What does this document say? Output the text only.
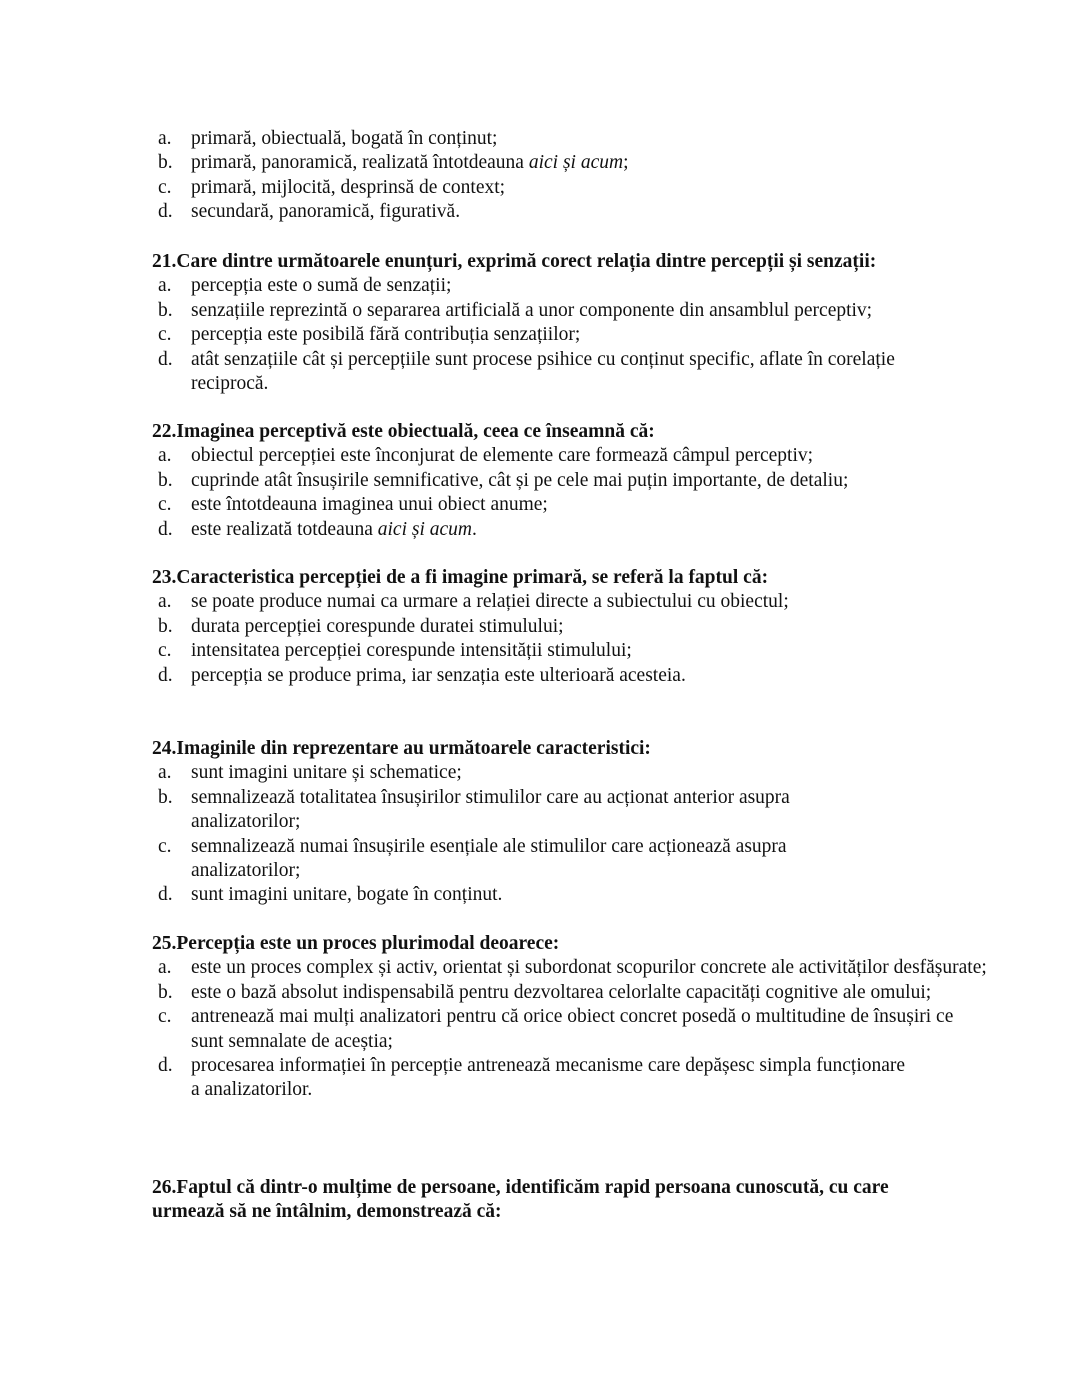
a. primară, obiectuală, bogată în conținut;
b. primară, panoramică, realizată întotdeauna aici și acum;
c. primară, mijlocită, desprinsă de context;
d. secundară, panoramică, figurativă.

21.Care dintre următoarele enunțuri, exprimă corect relația dintre percepții și senzații:

a. percepția este o sumă de senzații;
b. senzațiile reprezintă o separarea artificială a unor componente din ansamblul perceptiv;
c. percepția este posibilă fără contribuția senzațiilor;
d. atât senzațiile cât și percepțiile sunt procese psihice cu conținut specific, aflate în corelație reciprocă.

22.Imaginea perceptivă este obiectuală, ceea ce înseamnă că:

a. obiectul percepției este înconjurat de elemente care formează câmpul perceptiv;
b. cuprinde atât însușirile semnificative, cât și pe cele mai puțin importante, de detaliu;
c. este întotdeauna imaginea unui obiect anume;
d. este realizată totdeauna aici și acum.

23.Caracteristica percepției de a fi imagine primară, se referă la faptul că:

a. se poate produce numai ca urmare a relației directe a subiectului cu obiectul;
b. durata percepției corespunde duratei stimulului;
c. intensitatea percepției corespunde intensității stimulului;
d. percepția se produce prima, iar senzația este ulterioară acesteia.

24.Imaginile din reprezentare au următoarele caracteristici:

a. sunt imagini unitare și schematice;
b. semnalizează totalitatea însușirilor stimulilor care au acționat anterior asupra analizatorilor;
c. semnalizează numai însușirile esențiale ale stimulilor care acționează asupra analizatorilor;
d. sunt imagini unitare, bogate în conținut.

25.Percepția este un proces plurimodal deoarece:

a. este un proces complex și activ, orientat și subordonat scopurilor concrete ale activităților desfășurate;
b. este o bază absolut indispensabilă pentru dezvoltarea celorlalte capacități cognitive ale omului;
c. antrenează mai mulți analizatori pentru că orice obiect concret posedă o multitudine de însușiri ce sunt semnalate de aceștia;
d. procesarea informației în percepție antrenează mecanisme care depășesc simpla funcționare a analizatorilor.

26.Faptul că dintr-o mulțime de persoane, identificăm rapid persoana cunoscută, cu care urmează să ne întâlnim, demonstrează că:
